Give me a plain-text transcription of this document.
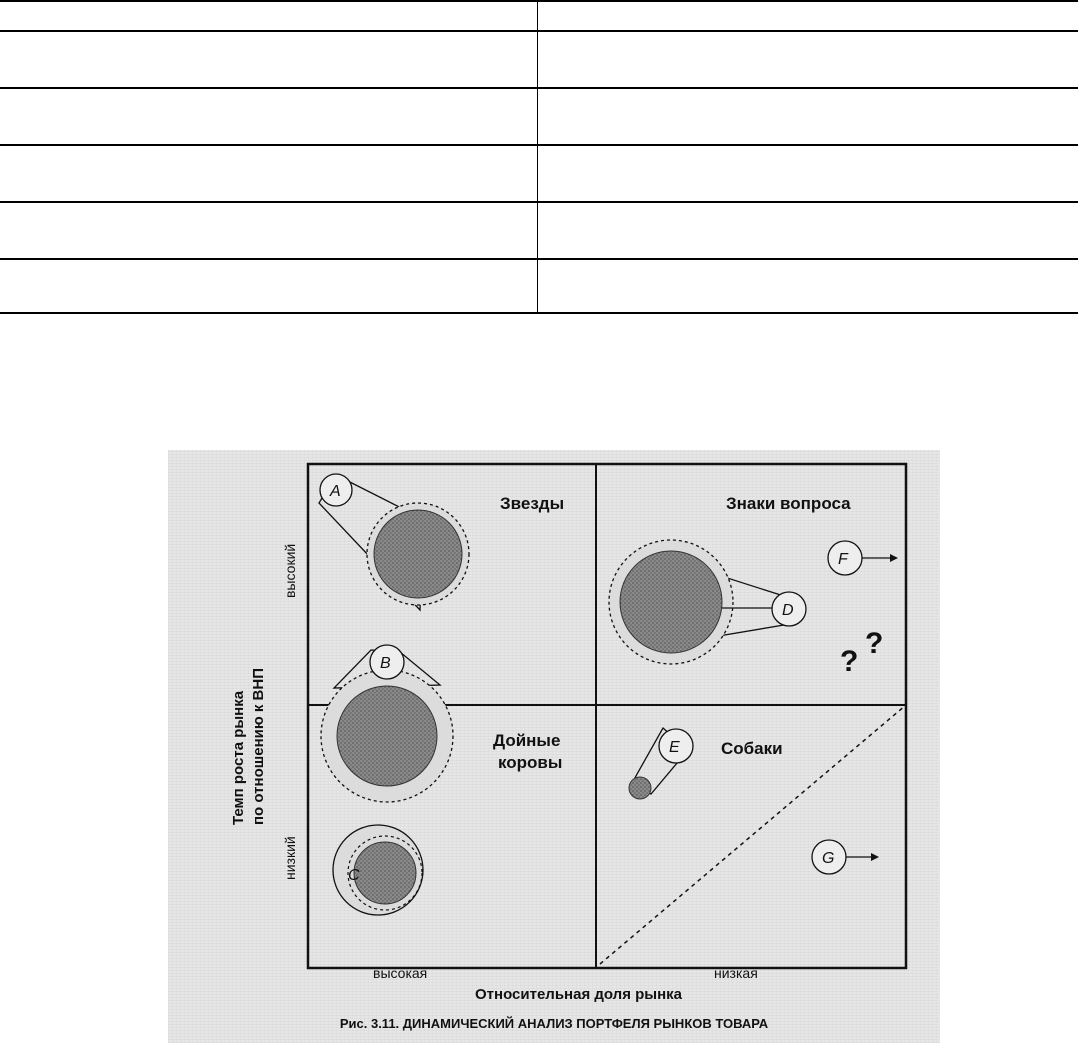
Звезды	Знаки вопроса
Дойные
коровы
Собаки
A
D
F
?
?
B
C
E
G
высокий
низкий
Темп роста рынка по отношению к ВНП
высокая	низкая
Относительная доля рынка
Рис. 3.11. ДИНАМИЧЕСКИЙ АНАЛИЗ ПОРТФЕЛЯ РЫНКОВ ТОВАРА
